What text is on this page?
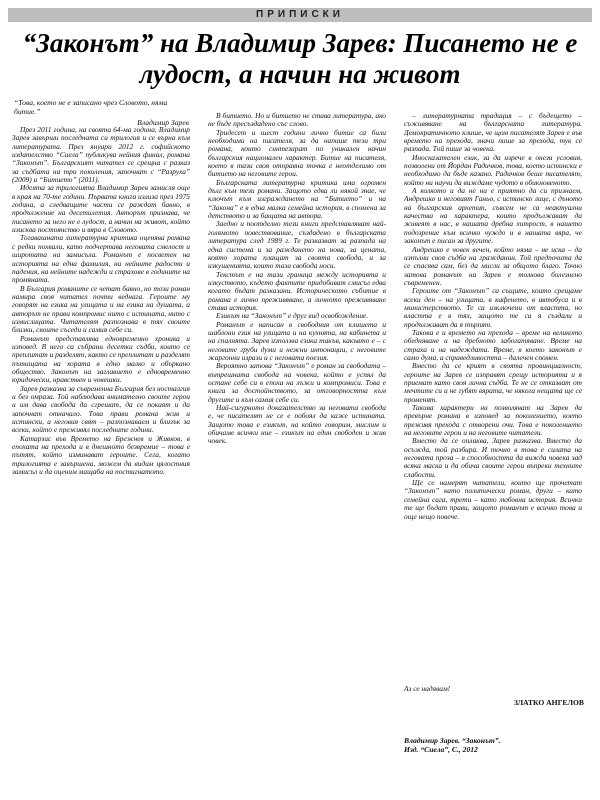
ПРИПИСКИ
“Законът” на Владимир Зарев: Писането не е лудост, а начин на живот
“Това, което не е записано чрез Словото, няма битие.”
Владимир Зарев

През 2011 година, на своята 64-ма година, Владимир Зарев завърши последната си трилогия и се върна към литературата. През януари 2012 г. софийското издателство “Сиела” публикува нейния финал, романа “Законът”. Българският читател се срещна с разказ за съдбата на три поколения, започнат с “Разруха” (2009) и “Битието” (2011).

Идеята за трилогията Владимир Зарев замисля още в края на 70-те години. Първата книга излиза през 1975 година, а следващите части се раждат бавно, в продължение на десетилетия. Авторът признава, че писането за него не е лудост, а начин на живот, който изисква постоянство и вяра в Словото.

Тогавашната литературна критика оценява романа с редки похвали, като подчертава неговата смелост и широтата на замисъла. Романът е посветен на историята на една фамилия, на нейните радости и падения, на нейните надежди и страхове в годините на промяната.

В България романите се четат бавно, но този роман намира своя читател почти веднага. Героите му говорят на езика на улицата и на езика на душата, а авторът не прави компромис нито с истината, нито с измислицата. Читателят разпознава в тях своите близки, своите съседи и самия себе си.

Романът представлява едновременно хроника и изповед. В него са събрани десетки съдби, които се преплитат и разделят, както се преплитат и разделят пътищата на хората в едно малко и объркано общество. Законът на заглавието е едновременно юридически, нравствен и човешки.

Зарев разказва за съвременна България без носталгия и без омраза. Той наблюдава внимателно своите герои и им дава свобода да сгрешат, да се покаят и да започнат отначало. Това прави романа жив и истински, а неговия свят – разпознаваем и близък за всеки, който е преживял последните години.

Катарзис във Времето на Брежнев и Живков, в епохата на прехода и в днешното безвремие – това е пътят, който изминават героите. Сега, когато трилогията е завършена, можем да видим цялостния замисъл и да оценим мащаба на постигнатото.

В битието. Но и битието не става литература, ако не бъде пресъздадено със слово.

Тридесет и шест години лично битие са били необходими на писателя, за да напише тези три романа, които синтезират по уникален начин българския национален характер. Битие на писателя, което в тази своя отправна точка е неотделимо от битието на неговите герои.

Българската литературна критика има огромен дълг към тези романи. Защото едва ли някой знае, че ключът към изграждането на “Битието” и на “Закона” е в една малка семейна история, в спомена за детството и за бащата на автора.

Заедно и поотделно тези книги представляват най-голямото повествование, създадено в българската литература след 1989 г. Те разказват за разпада на една система и за раждането на нова, за цената, която хората плащат за своята свобода, и за изкушенията, които тази свобода носи.

Текстът е на тази граница между историята и изкуството, където фактите придобиват смисъл едва когато бъдат разказани. Историческото събитие в романа е лично преживяване, а личното преживяване става история.

Езикът на “Законът” е друг вид освобождение.

Романът е написан в свободния от клишета и шаблони език на улицата и на кухнята, на кабинета и на спалнята. Зарев използва езика такъв, какъвто е – с неговите груби думи и нежни интонации, с неговите жаргонни изрази и с неговата поезия.

Вероятно затова “Законът” е роман за свободата – вътрешната свобода на човека, който е успял да остане себе си в епоха на лъжи и компромиси. Това е книга за достойнството, за отговорността към другите и към самия себе си.

Най-сигурното доказателство за неговата свобода е, че писателят не се е побоял да каже истината. Защото това е езикът, на който говорим, мислим и обичаме всички ние – езикът на един свободен и жив човек.

– литературната традиция – с бъдещето – съживяване на българската литература. Демократичното клише, че щом писателят Зарев е във времето на прехода, значи пише за прехода, тук се разпада. Той пише за човека.

Иносказателен език, за да изрече в онези условия, позволени от Йордан Радичков, това, което истински е необходимо да бъде казано. Радичков беше писателят, който ни научи да виждаме чудото в обикновеното.

А колкото и да не ни е приятно да си признаем, Андрешко и неговият Ганьо, с истинско лице, с дъното на българския архетип, съвсем не са неактуални качества на характера, които продължават да живеят в нас, в нашата дребна хитрост, в нашето подозрение към всичко чуждо и в нашата вяра, че законът е писан за другите.

Андрешко е човек вечен, който няма – не иска – да изпълни своя съдба на гражданин. Той предпочита да се спасява сам, без да мисли за общото благо. Точно затова романът на Зарев е толкова болезнено съвременен.

Героите от “Законът” са същите, които срещаме всеки ден – на улицата, в кафенето, в автобуса и в министерството. Те са изключени от властта, но властта е в тях, защото те са я създали и продължават да я търпят.

Такова е и времето на прехода – време на великото обедняване и на дребното забогатяване. Време на страха и на надеждата. Време, в което законът е само дума, а справедливостта – далечен спомен.

Вместо да се крият в своята провинциалност, героите на Зарев се изправят срещу историята и я приемат като своя лична съдба. Те не се отказват от мечтите си и не губят вярата, че някога нещата ще се променят.

Такива характери ни позволяват на Зарев да превърне романа в изповед за поколението, което преживя прехода с отворени очи. Това е поколението на неговите герои и на неговите читатели.

Вместо да се оплаква, Зарев разказва. Вместо да осъжда, той разбира. И точно в това е силата на неговата проза – в способността да вижда човека зад всяка маска и да обича своите герои въпреки техните слабости.

Ще се намерят читатели, които ще прочетат “Законът” като политически роман, други – като семейна сага, трети – като любовна история. Всички те ще бъдат прави, защото романът е всичко това и още нещо повече.

Аз се надявам!
ЗЛАТКО АНГЕЛОВ
Владимир Зарев. “Законът”.
Изд. “Сиела”, С., 2012
